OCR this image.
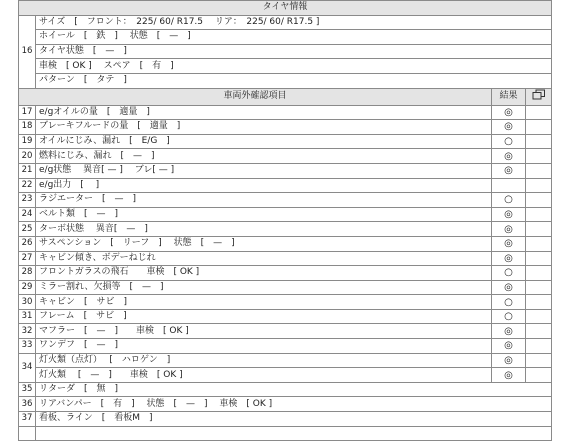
タイヤ情報			
16	サイズ　[　フロント：　225/ 60/ R17.5　 リア：　225/ 60/ R17.5 ]		
	ホイール　[　鉄　]　 状態　[　—　]		
	タイヤ状態　[　—　]		
	車検　[ OK ]　 スペア　[　有　]		
	パターン　[　タテ　]		
車両外確認項目		結果	
17	e/gオイルの量　[　適量　]	◎	
18	ブレーキフルードの量　[　適量　]	◎	
19	オイルにじみ、漏れ　[　E/G　]	○	
20	燃料にじみ、漏れ　[　—　]	◎	
21	e/g状態　 異音[ — ]　 ブレ[ — ]	◎	
22	e/g出力　[　 ]		
23	ラジエーター　[　—　]	○	
24	ベルト類　[　—　]	◎	
25	ターボ状態　 異音[　—　]	◎	
26	サスペンション　[　リーフ　]　 状態　[　—　]	◎	
27	キャビン傾き、ボデーねじれ	◎	
28	フロントガラスの飛石　　車検　[ OK ]	○	
29	ミラー割れ、欠損等　[　—　]	◎	
30	キャビン　[　サビ　]	○	
31	フレーム　[　サビ　]	○	
32	マフラー　[　—　]　　車検　[ OK ]	◎	
33	ワンデフ　[　—　]	◎	
34	灯火類（点灯）　 [　ハロゲン　]	◎	
	灯火類　 [　—　]　　車検　[ OK ]	◎	
35	リターダ　[　無　]		
36	リアバンパー　[　有　]　 状態　[　—　]　 車検　[ OK ]		
37	看板、ライン　[　看板M　]		
